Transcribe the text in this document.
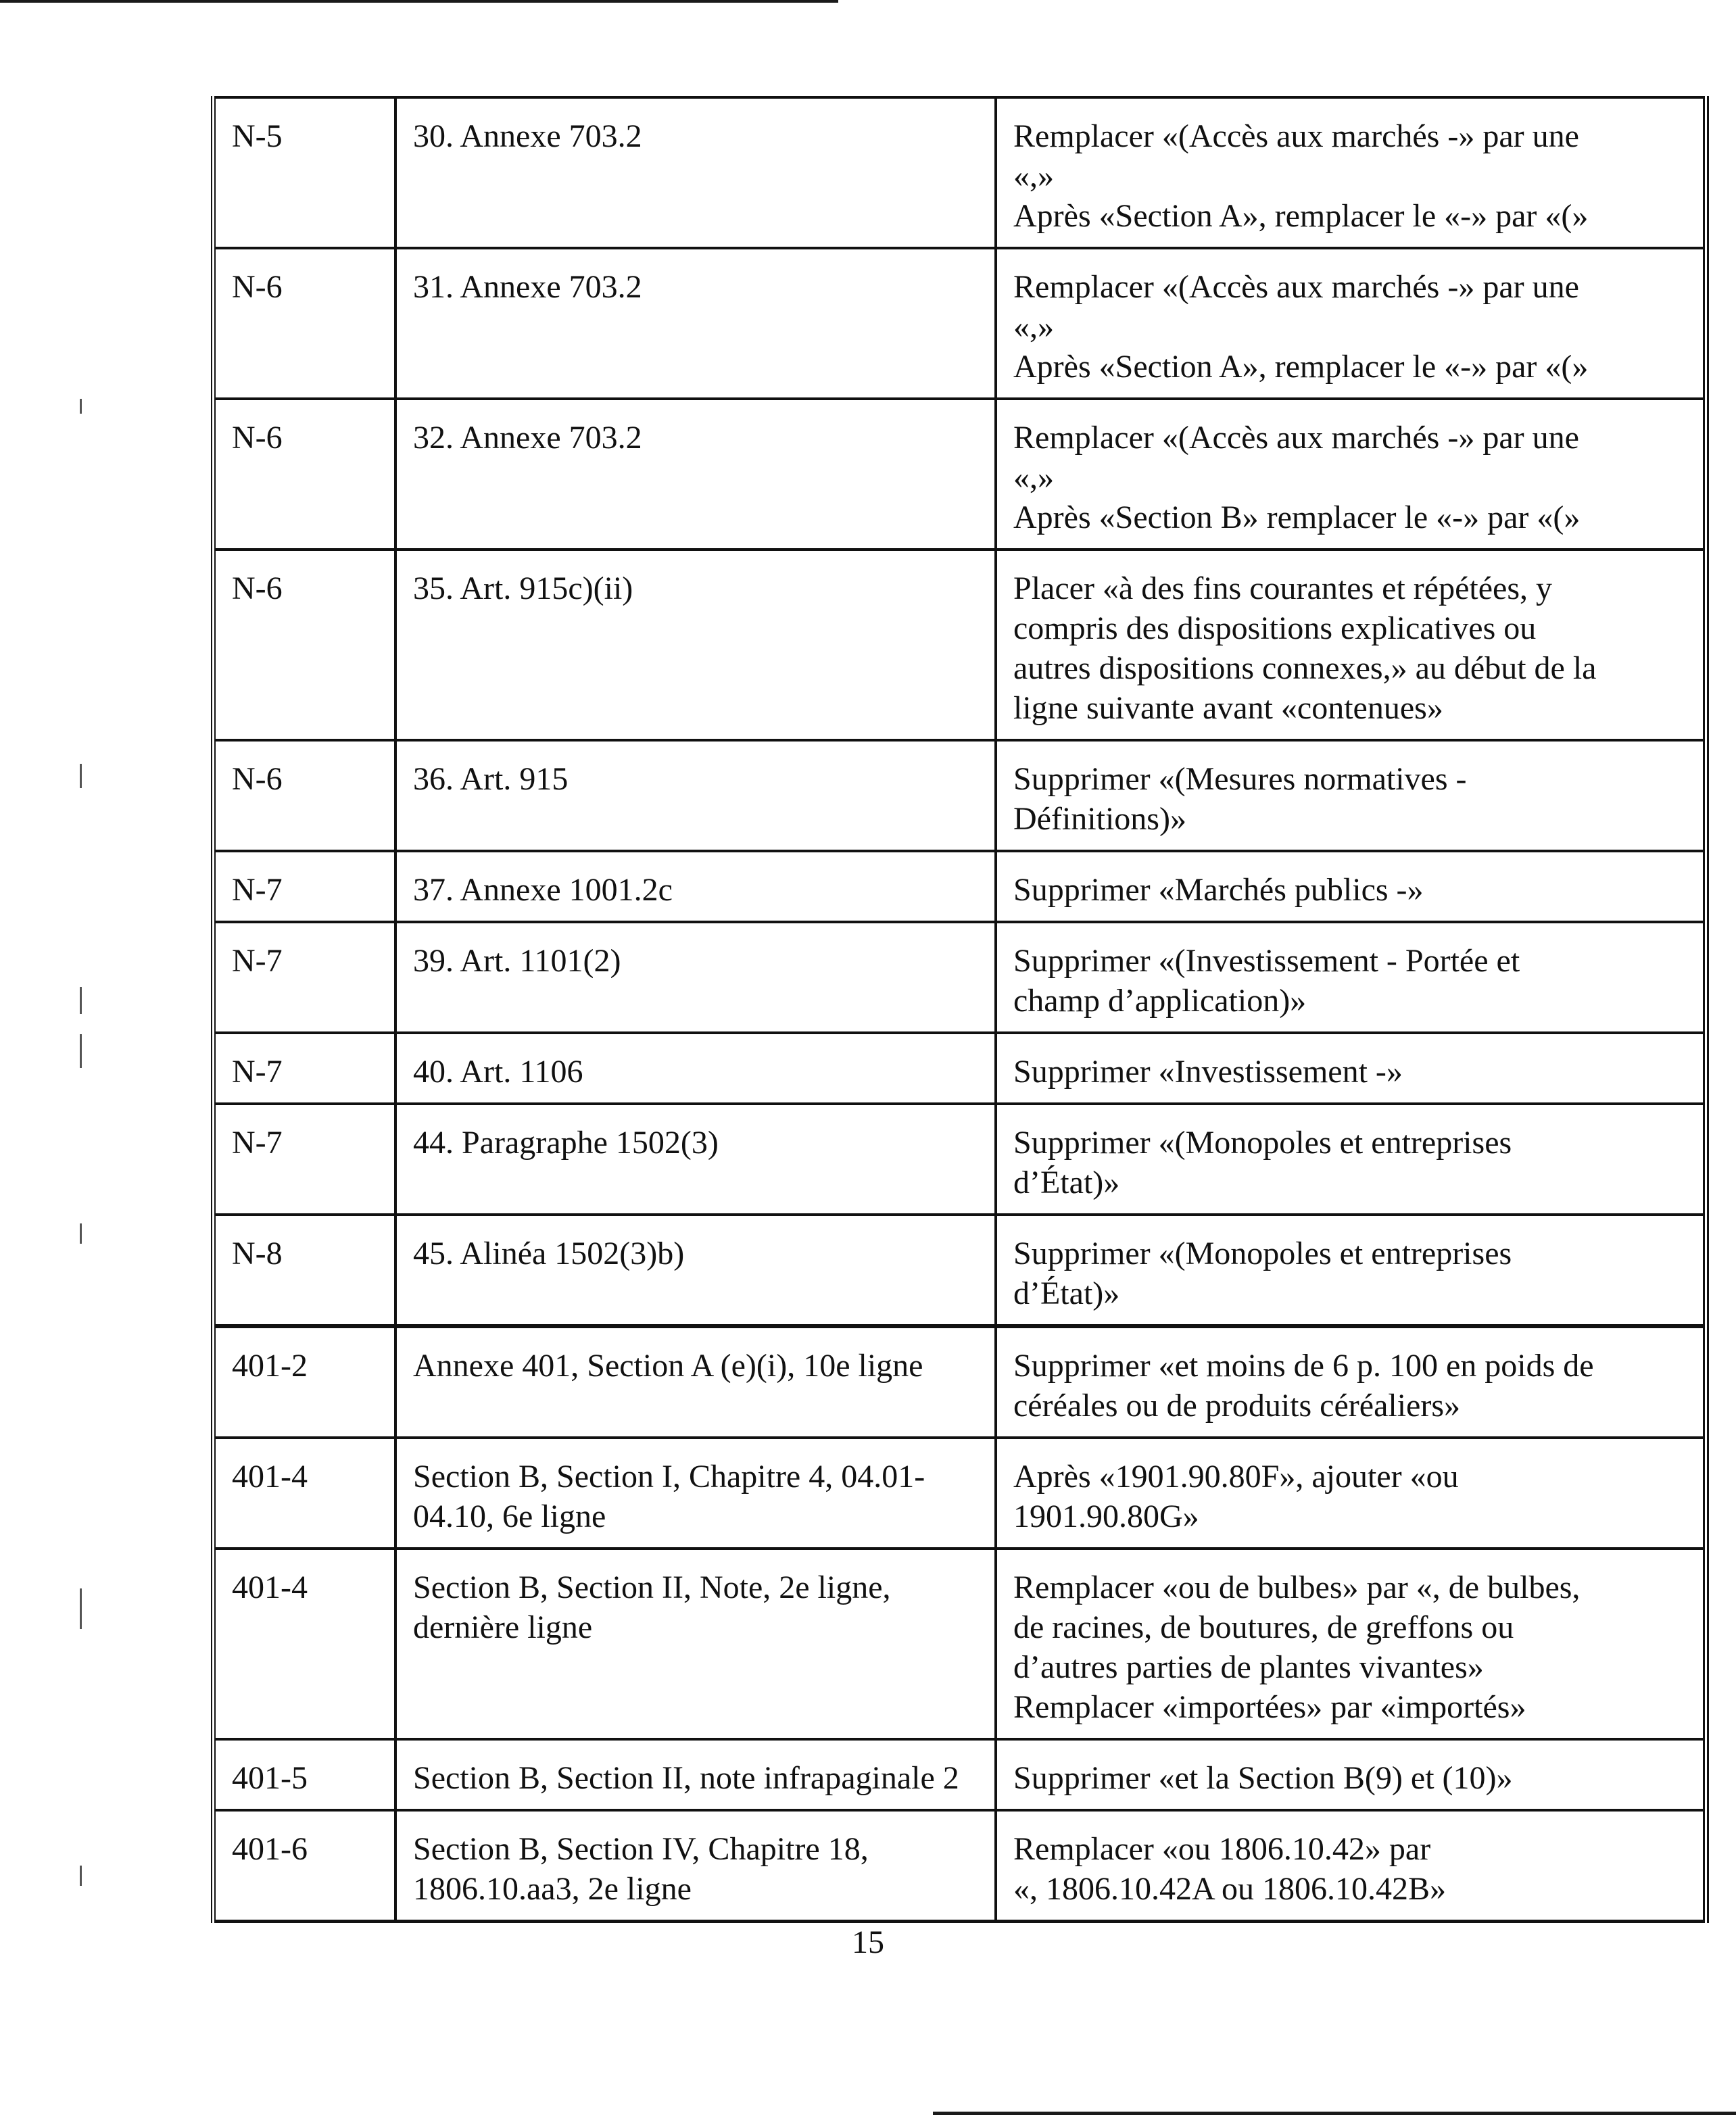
N-5	30. Annexe 703.2	Remplacer «(Accès aux marchés -» par une
«,»
Après «Section A», remplacer le «-» par «(»

N-6	31. Annexe 703.2	Remplacer «(Accès aux marchés -» par une
«,»
Après «Section A», remplacer le «-» par «(»

N-6	32. Annexe 703.2	Remplacer «(Accès aux marchés -» par une
«,»
Après «Section B» remplacer le «-» par «(»

N-6	35. Art. 915c)(ii)	Placer «à des fins courantes et répétées, y
compris des dispositions explicatives ou
autres dispositions connexes,» au début de la
ligne suivante avant «contenues»

N-6	36. Art. 915	Supprimer «(Mesures normatives -
Définitions)»

N-7	37. Annexe 1001.2c	Supprimer «Marchés publics -»

N-7	39. Art. 1101(2)	Supprimer «(Investissement - Portée et
champ d’application)»

N-7	40. Art. 1106	Supprimer «Investissement -»

N-7	44. Paragraphe 1502(3)	Supprimer «(Monopoles et entreprises
d’État)»

N-8	45. Alinéa 1502(3)b)	Supprimer «(Monopoles et entreprises
d’État)»

401-2	Annexe 401, Section A (e)(i), 10e ligne	Supprimer «et moins de 6 p. 100 en poids de
céréales ou de produits céréaliers»

401-4	Section B, Section I, Chapitre 4, 04.01-04.10, 6e ligne	Après «1901.90.80F», ajouter «ou
1901.90.80G»

401-4	Section B, Section II, Note, 2e ligne, dernière ligne	Remplacer «ou de bulbes» par «, de bulbes,
de racines, de boutures, de greffons ou
d’autres parties de plantes vivantes»
Remplacer «importées» par «importés»

401-5	Section B, Section II, note infrapaginale 2	Supprimer «et la Section B(9) et (10)»

401-6	Section B, Section IV, Chapitre 18, 1806.10.aa3, 2e ligne	Remplacer «ou 1806.10.42» par
«, 1806.10.42A ou 1806.10.42B»
15
